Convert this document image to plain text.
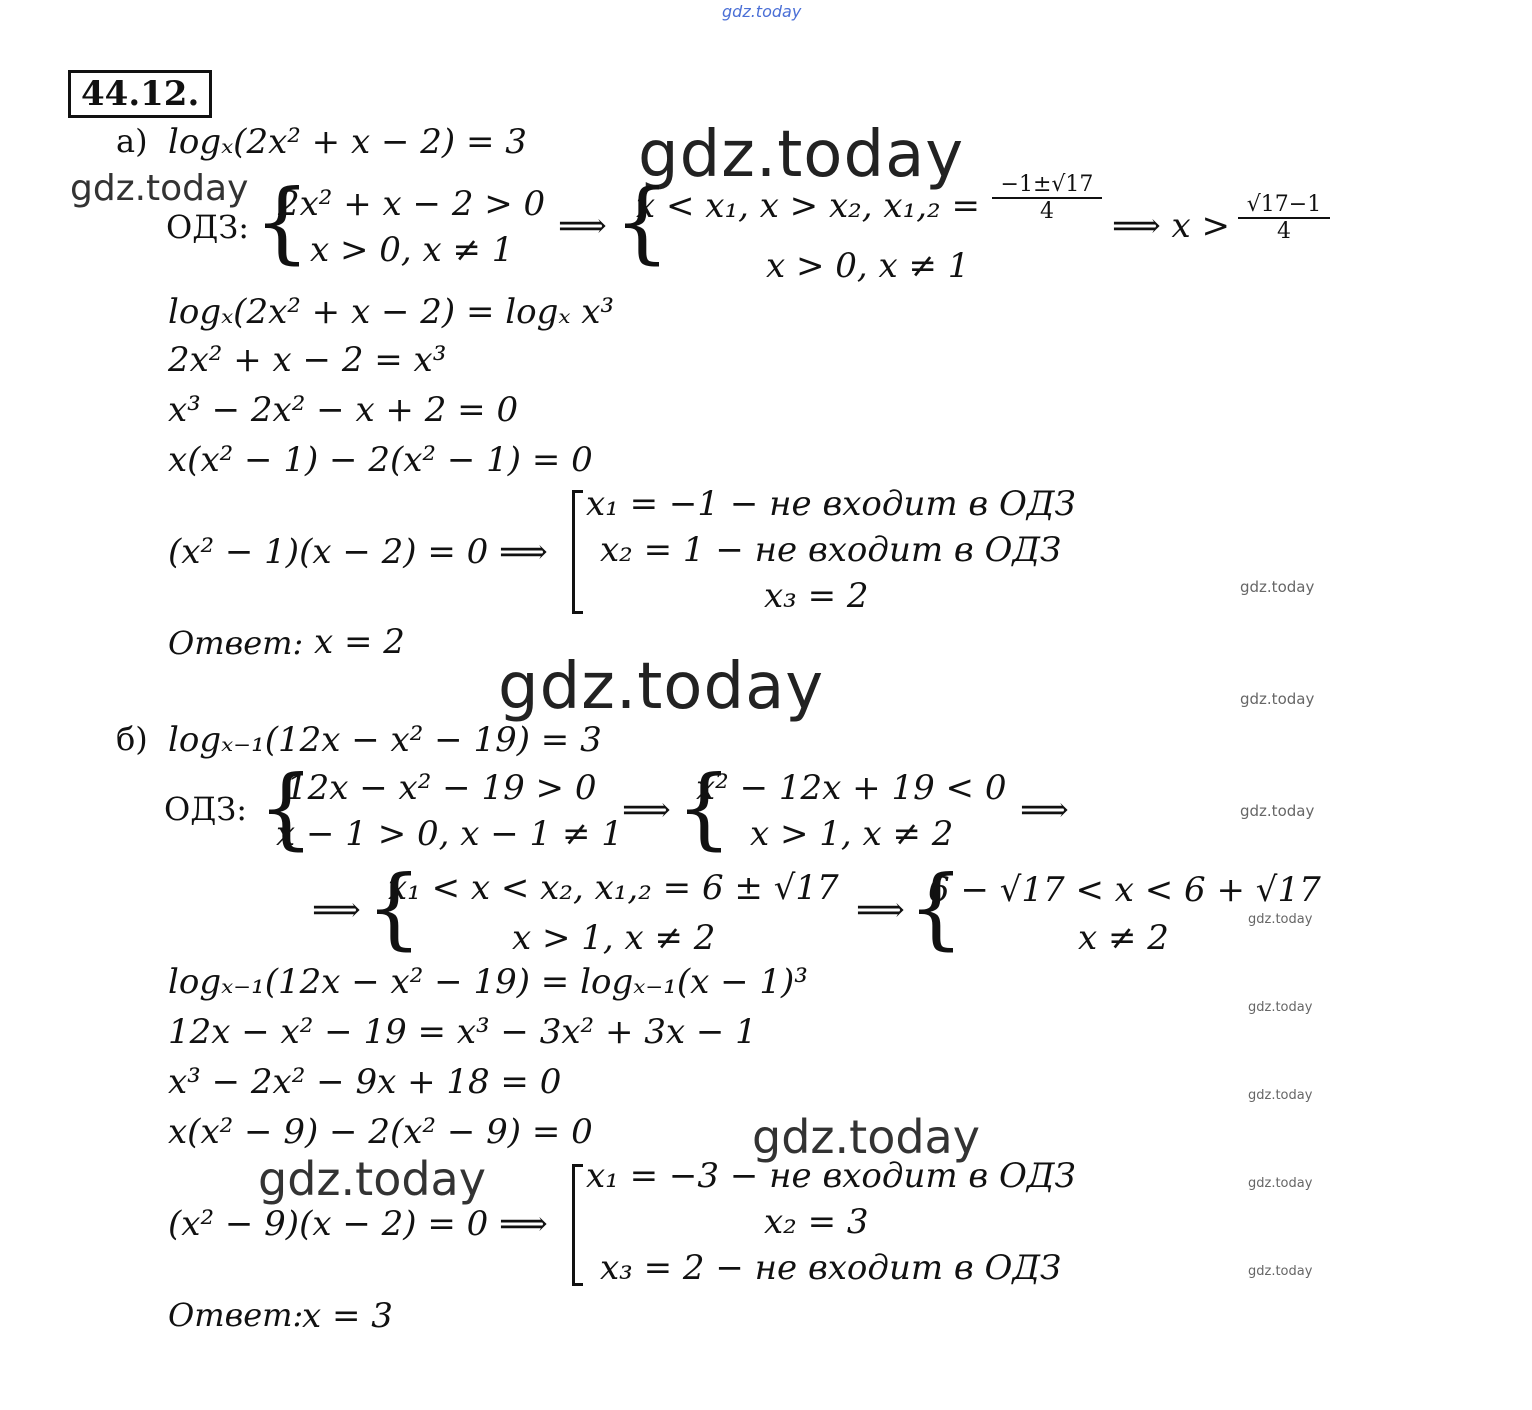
gdz.today
44.12.
а) logₓ(2x² + x − 2) = 3 gdz.today
gdz.today
ОДЗ: {
2x² + x − 2 > 0
x > 0, x ≠ 1
⟹ {
x < x₁, x > x₂, x₁,₂ =
x > 0, x ≠ 1
$\frac{-1\pm√17}{4}$
⟹ $x > \frac{√17-1}{4}$
logₓ(2x² + x − 2) = logₓ x³
2x² + x − 2 = x³
x³ − 2x² − x + 2 = 0
x(x² − 1) − 2(x² − 1) = 0
(x² − 1)(x − 2) = 0 ⟹
x₁ = −1 − не входит в ОДЗ
x₂ = 1 − не входит в ОДЗ
x₃ = 2	gdz.today
Ответ: x = 2
gdz.today	gdz.today
б) logₓ₋₁(12x − x² − 19) = 3
ОДЗ: {
12x − x² − 19 > 0
x − 1 > 0, x − 1 ≠ 1
⟹ {
x² − 12x + 19 < 0
x > 1, x ≠ 2
⟹	gdz.today
⟹ {
x₁ < x < x₂, x₁,₂ = 6 ± √17
x > 1, x ≠ 2
⟹ {
6 − √17 < x < 6 + √17
x ≠ 2	gdz.today
logₓ₋₁(12x − x² − 19) = logₓ₋₁(x − 1)³
12x − x² − 19 = x³ − 3x² + 3x − 1
x³ − 2x² − 9x + 18 = 0
x(x² − 9) − 2(x² − 9) = 0
gdz.today
gdz.today
gdz.today
gdz.today
(x² − 9)(x − 2) = 0 ⟹
x₁ = −3 − не входит в ОДЗ
x₂ = 3
x₃ = 2 − не входит в ОДЗ
gdz.today
gdz.today
Ответ:
x = 3
